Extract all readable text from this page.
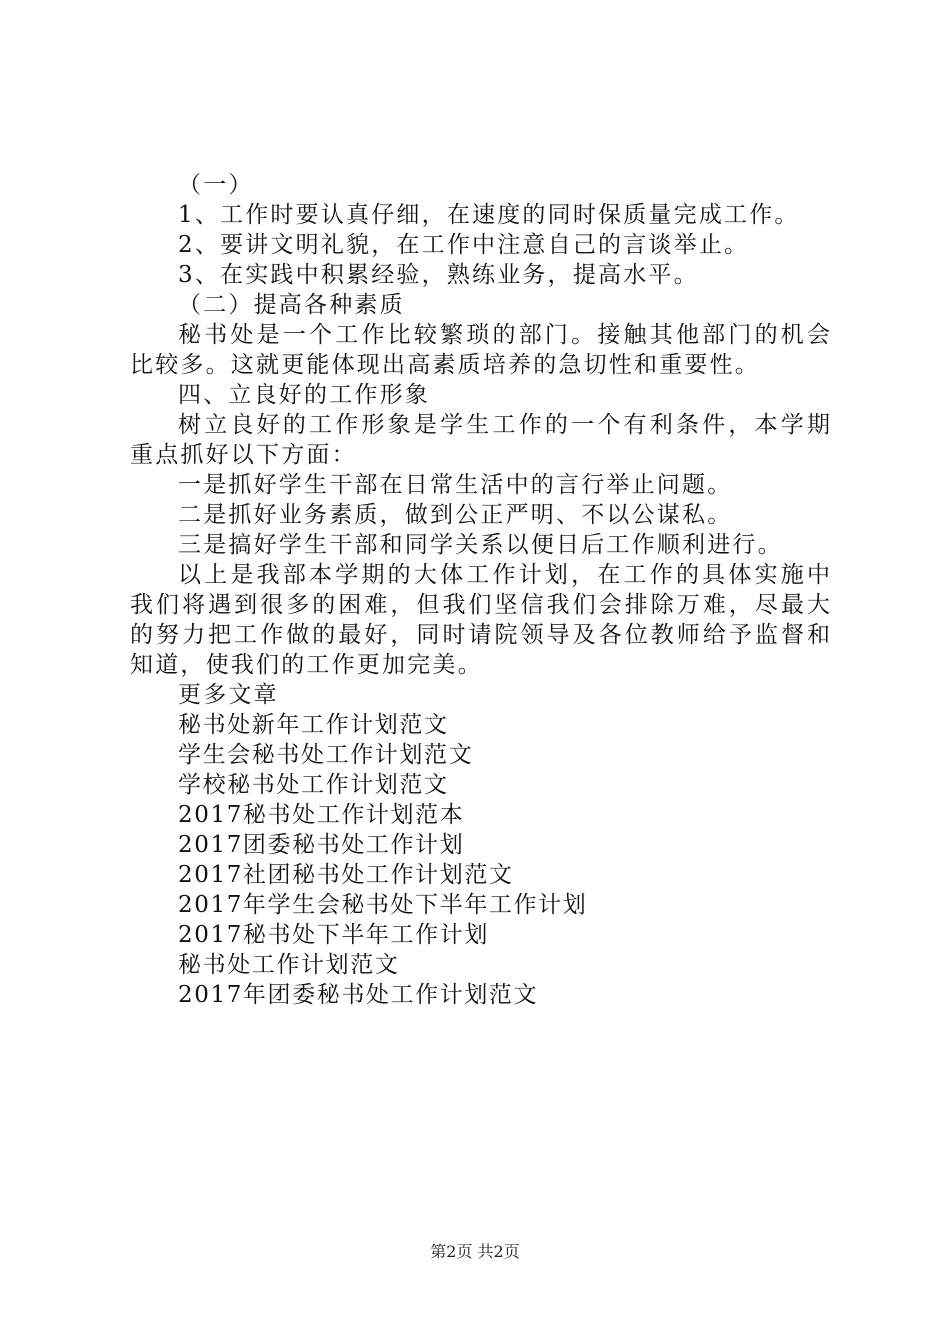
（一）
1、工作时要认真仔细，在速度的同时保质量完成工作。
2、要讲文明礼貌，在工作中注意自己的言谈举止。
3、在实践中积累经验，熟练业务，提高水平。
（二）提高各种素质
秘书处是一个工作比较繁琐的部门。接触其他部门的机会
比较多。这就更能体现出高素质培养的急切性和重要性。
四、立良好的工作形象
树立良好的工作形象是学生工作的一个有利条件，本学期
重点抓好以下方面：
一是抓好学生干部在日常生活中的言行举止问题。
二是抓好业务素质，做到公正严明、不以公谋私。
三是搞好学生干部和同学关系以便日后工作顺利进行。
以上是我部本学期的大体工作计划，在工作的具体实施中
我们将遇到很多的困难，但我们坚信我们会排除万难，尽最大
的努力把工作做的最好，同时请院领导及各位教师给予监督和
知道，使我们的工作更加完美。
更多文章
秘书处新年工作计划范文
学生会秘书处工作计划范文
学校秘书处工作计划范文
2017秘书处工作计划范本
2017团委秘书处工作计划
2017社团秘书处工作计划范文
2017年学生会秘书处下半年工作计划
2017秘书处下半年工作计划
秘书处工作计划范文
2017年团委秘书处工作计划范文
第2页 共2页
